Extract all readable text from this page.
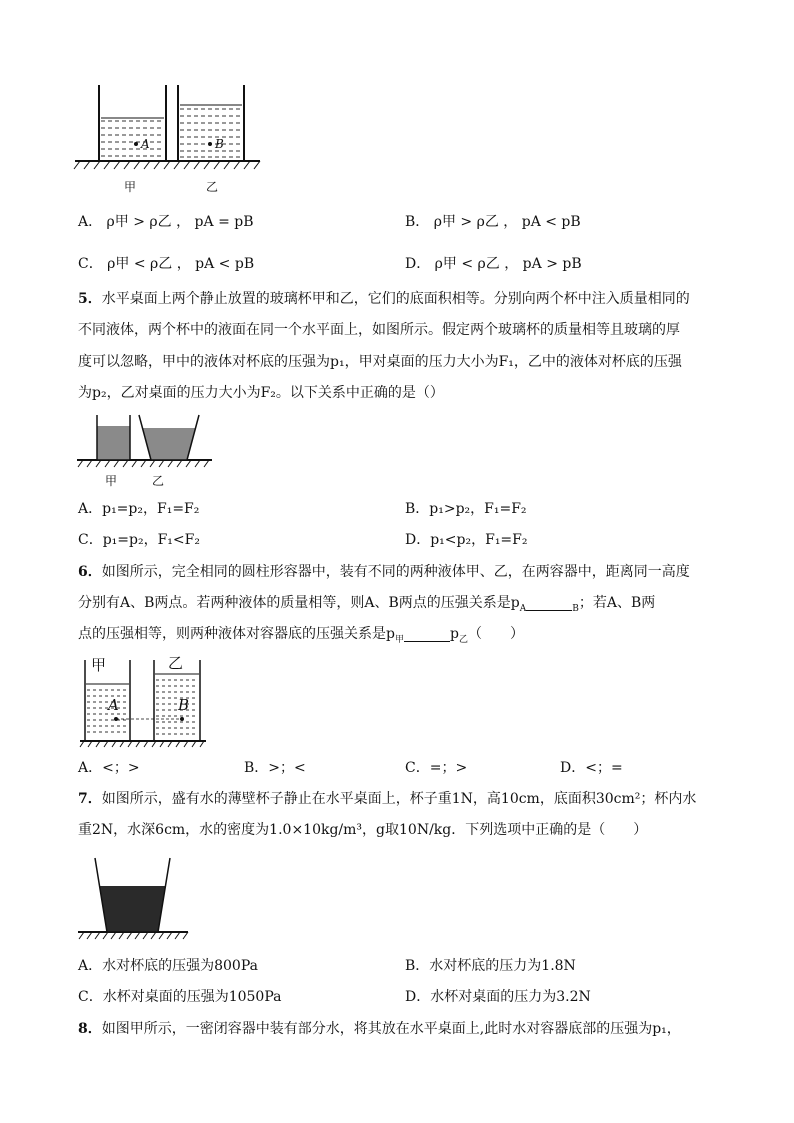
A	B
甲	乙
A． ρ甲 > ρ乙 ， pA = pB	B． ρ甲 > ρ乙 ， pA < pB
C． ρ甲 < ρ乙 ， pA < pB	D． ρ甲 < ρ乙 ， pA > pB
5．水平桌面上两个静止放置的玻璃杯甲和乙，它们的底面积相等。分别向两个杯中注入质量相同的
不同液体，两个杯中的液面在同一个水平面上，如图所示。假定两个玻璃杯的质量相等且玻璃的厚
度可以忽略，甲中的液体对杯底的压强为p₁，甲对桌面的压力大小为F₁，乙中的液体对杯底的压强
为p₂，乙对桌面的压力大小为F₂。以下关系中正确的是（）
甲	乙
A．p₁=p₂，F₁=F₂	B．p₁>p₂，F₁=F₂
C．p₁=p₂，F₁<F₂	D．p₁<p₂，F₁=F₂
6．如图所示，完全相同的圆柱形容器中，装有不同的两种液体甲、乙，在两容器中，距离同一高度
分别有A、B两点。若两种液体的质量相等，则A、B两点的压强关系是$p_A$	$_B$；若A、B两
点的压强相等，则两种液体对容器底的压强关系是$p_甲$	$p_乙$（　　）
甲	乙
A	B
A．<；>	B．>；<	C．=；>	D．<；=
7．如图所示，盛有水的薄壁杯子静止在水平桌面上，杯子重1N，高10cm，底面积30cm²；杯内水
重2N，水深6cm，水的密度为1.0×10kg/m³，g取10N/kg．下列选项中正确的是（　　）
A．水对杯底的压强为800Pa	B．水对杯底的压力为1.8N
C．水杯对桌面的压强为1050Pa	D．水杯对桌面的压力为3.2N
8．如图甲所示，一密闭容器中装有部分水，将其放在水平桌面上,此时水对容器底部的压强为p₁，
